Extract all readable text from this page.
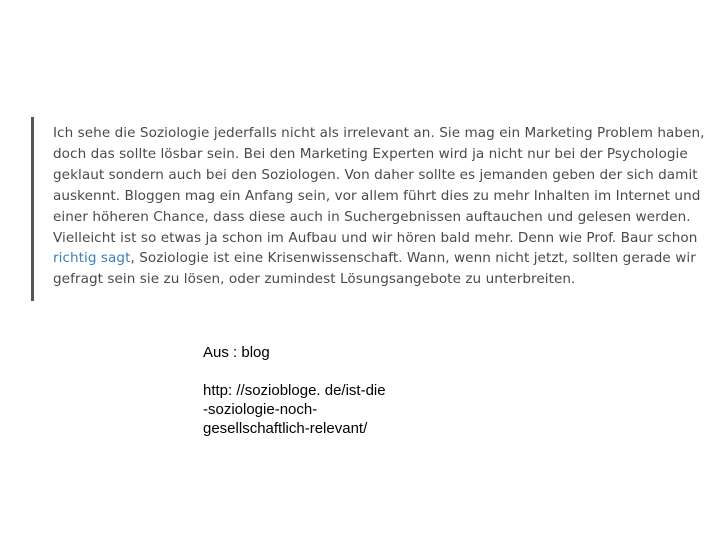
Ich sehe die Soziologie jederfalls nicht als irrelevant an. Sie mag ein Marketing Problem haben,
doch das sollte lösbar sein. Bei den Marketing Experten wird ja nicht nur bei der Psychologie
geklaut sondern auch bei den Soziologen. Von daher sollte es jemanden geben der sich damit
auskennt. Bloggen mag ein Anfang sein, vor allem führt dies zu mehr Inhalten im Internet und
einer höheren Chance, dass diese auch in Suchergebnissen auftauchen und gelesen werden.
Vielleicht ist so etwas ja schon im Aufbau und wir hören bald mehr. Denn wie Prof. Baur schon
richtig sagt, Soziologie ist eine Krisenwissenschaft. Wann, wenn nicht jetzt, sollten gerade wir
gefragt sein sie zu lösen, oder zumindest Lösungsangebote zu unterbreiten.
Aus : blog
http: //soziobloge. de/ist-die
-soziologie-noch-
gesellschaftlich-relevant/
